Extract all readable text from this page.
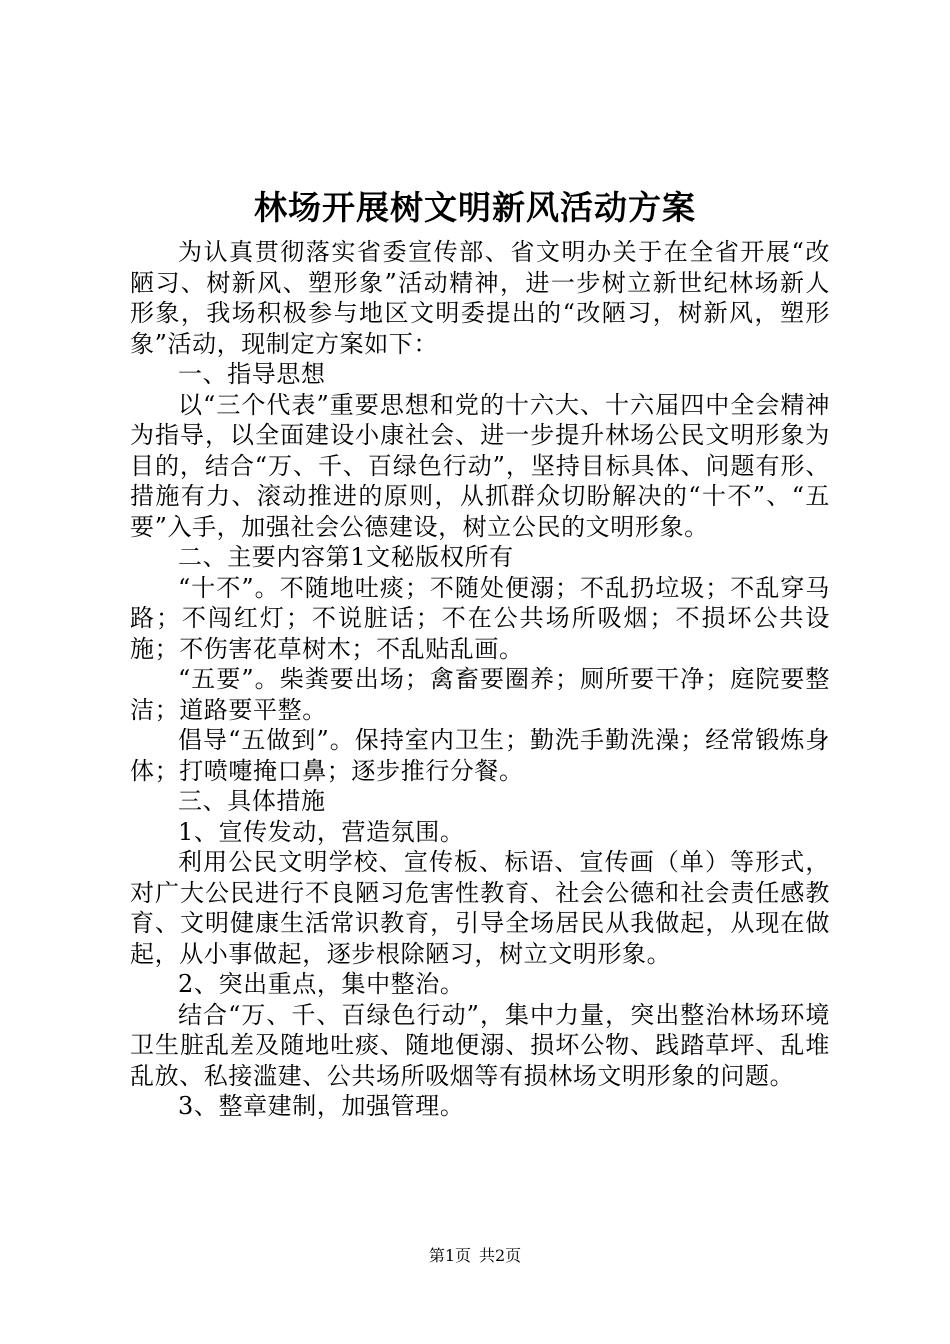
林场开展树文明新风活动方案

为认真贯彻落实省委宣传部、省文明办关于在全省开展“改陋习、树新风、塑形象”活动精神，进一步树立新世纪林场新人形象，我场积极参与地区文明委提出的“改陋习，树新风，塑形象”活动，现制定方案如下：

一、指导思想

以“三个代表”重要思想和党的十六大、十六届四中全会精神为指导，以全面建设小康社会、进一步提升林场公民文明形象为目的，结合“万、千、百绿色行动”，坚持目标具体、问题有形、措施有力、滚动推进的原则，从抓群众切盼解决的“十不”、“五要”入手，加强社会公德建设，树立公民的文明形象。

二、主要内容第1文秘版权所有

“十不”。不随地吐痰；不随处便溺；不乱扔垃圾；不乱穿马路；不闯红灯；不说脏话；不在公共场所吸烟；不损坏公共设施；不伤害花草树木；不乱贴乱画。

“五要”。柴粪要出场；禽畜要圈养；厕所要干净；庭院要整洁；道路要平整。

倡导“五做到”。保持室内卫生；勤洗手勤洗澡；经常锻炼身体；打喷嚏掩口鼻；逐步推行分餐。

三、具体措施

1、宣传发动，营造氛围。

利用公民文明学校、宣传板、标语、宣传画（单）等形式，对广大公民进行不良陋习危害性教育、社会公德和社会责任感教育、文明健康生活常识教育，引导全场居民从我做起，从现在做起，从小事做起，逐步根除陋习，树立文明形象。

2、突出重点，集中整治。

结合“万、千、百绿色行动”，集中力量，突出整治林场环境卫生脏乱差及随地吐痰、随地便溺、损坏公物、践踏草坪、乱堆乱放、私接滥建、公共场所吸烟等有损林场文明形象的问题。

3、整章建制，加强管理。

第1页 共2页
